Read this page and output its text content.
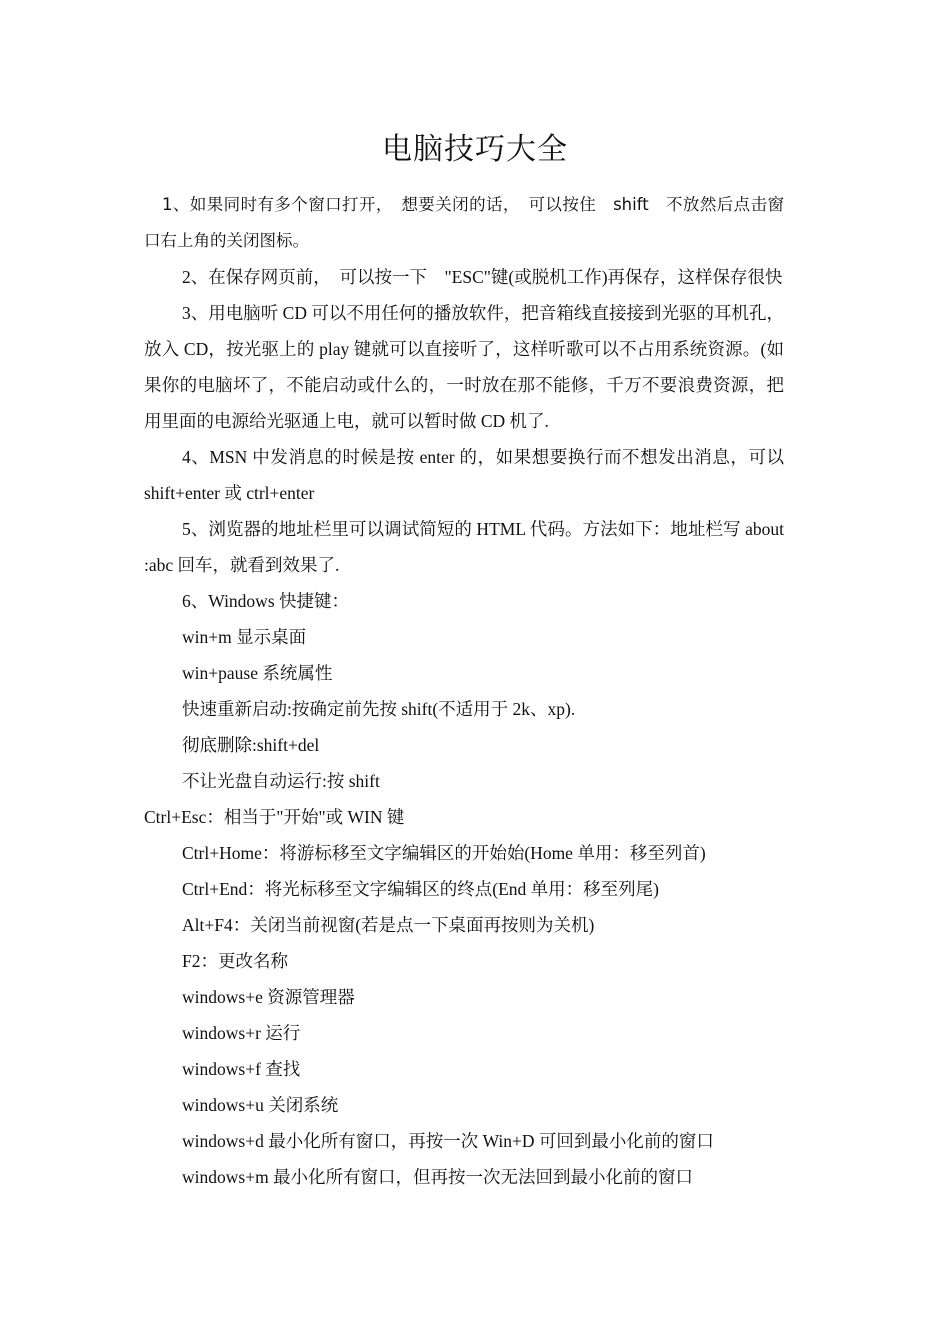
电脑技巧大全

1、如果同时有多个窗口打开，　想要关闭的话，　可以按住　shift　不放然后点击窗口右上角的关闭图标。

2、在保存网页前，　可以按一下　"ESC"键(或脱机工作)再保存，这样保存很快

3、用电脑听 CD 可以不用任何的播放软件，把音箱线直接接到光驱的耳机孔，放入 CD，按光驱上的 play 键就可以直接听了，这样听歌可以不占用系统资源。(如果你的电脑坏了，不能启动或什么的，一时放在那不能修，千万不要浪费资源，把用里面的电源给光驱通上电，就可以暂时做 CD 机了.

4、MSN 中发消息的时候是按 enter 的，如果想要换行而不想发出消息，可以 shift+enter 或 ctrl+enter

5、浏览器的地址栏里可以调试简短的 HTML 代码。方法如下：地址栏写 about :abc 回车，就看到效果了.

6、Windows 快捷键：

win+m 显示桌面
win+pause 系统属性
快速重新启动:按确定前先按 shift(不适用于 2k、xp).
彻底删除:shift+del
不让光盘自动运行:按 shift
Ctrl+Esc：相当于"开始"或 WIN 键
Ctrl+Home：将游标移至文字编辑区的开始始(Home 单用：移至列首)
Ctrl+End：将光标移至文字编辑区的终点(End 单用：移至列尾)
Alt+F4：关闭当前视窗(若是点一下桌面再按则为关机)
F2：更改名称
windows+e 资源管理器
windows+r 运行
windows+f 查找
windows+u 关闭系统
windows+d 最小化所有窗口，再按一次 Win+D 可回到最小化前的窗口
windows+m 最小化所有窗口，但再按一次无法回到最小化前的窗口
